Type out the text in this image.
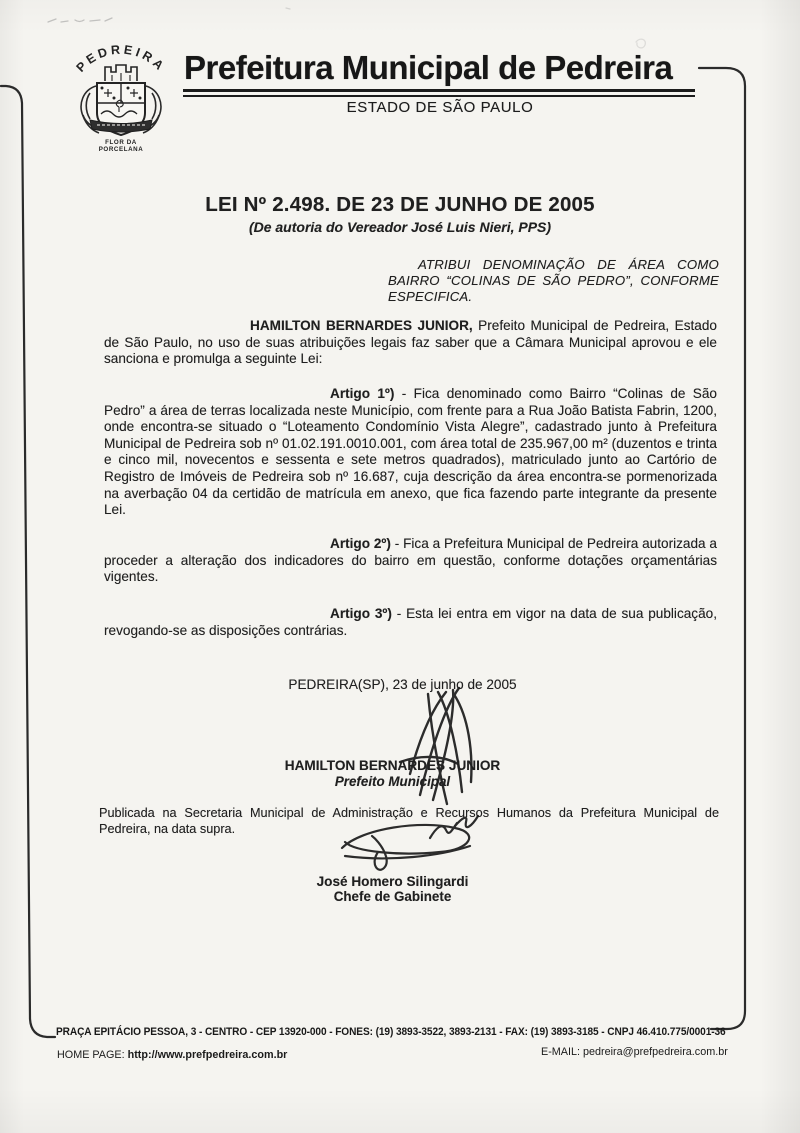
PEDREIRA
FLOR DA
PORCELANA
Prefeitura Municipal de Pedreira
ESTADO DE SÃO PAULO
LEI Nº 2.498. DE 23 DE JUNHO DE 2005
(De autoria do Vereador José Luis Nieri, PPS)
ATRIBUI DENOMINAÇÃO DE ÁREA COMO BAIRRO “COLINAS DE SÃO PEDRO”, CONFORME ESPECIFICA.

HAMILTON BERNARDES JUNIOR, Prefeito Municipal de Pedreira, Estado de São Paulo, no uso de suas atribuições legais faz saber que a Câmara Municipal aprovou e ele sanciona e promulga a seguinte Lei:

Artigo 1º) - Fica denominado como Bairro “Colinas de São Pedro” a área de terras localizada neste Município, com frente para a Rua João Batista Fabrin, 1200, onde encontra-se situado o “Loteamento Condomínio Vista Alegre”, cadastrado junto à Prefeitura Municipal de Pedreira sob nº 01.02.191.0010.001, com área total de 235.967,00 m² (duzentos e trinta e cinco mil, novecentos e sessenta e sete metros quadrados), matriculado junto ao Cartório de Registro de Imóveis de Pedreira sob nº 16.687, cuja descrição da área encontra-se pormenorizada na averbação 04 da certidão de matrícula em anexo, que fica fazendo parte integrante da presente Lei.

Artigo 2º) - Fica a Prefeitura Municipal de Pedreira autorizada a proceder a alteração dos indicadores do bairro em questão, conforme dotações orçamentárias vigentes.

Artigo 3º) - Esta lei entra em vigor na data de sua publicação, revogando-se as disposições contrárias.

PEDREIRA(SP), 23 de junho de 2005
HAMILTON BERNARDES JUNIOR
Prefeito Municipal
Publicada na Secretaria Municipal de Administração e Recursos Humanos da Prefeitura Municipal de Pedreira, na data supra.
José Homero Silingardi
Chefe de Gabinete
PRAÇA EPITÁCIO PESSOA, 3 - CENTRO - CEP 13920-000 - FONES: (19) 3893-3522, 3893-2131 - FAX: (19) 3893-3185 - CNPJ 46.410.775/0001-36
HOME PAGE: http://www.prefpedreira.com.br	E-MAIL: pedreira@prefpedreira.com.br
